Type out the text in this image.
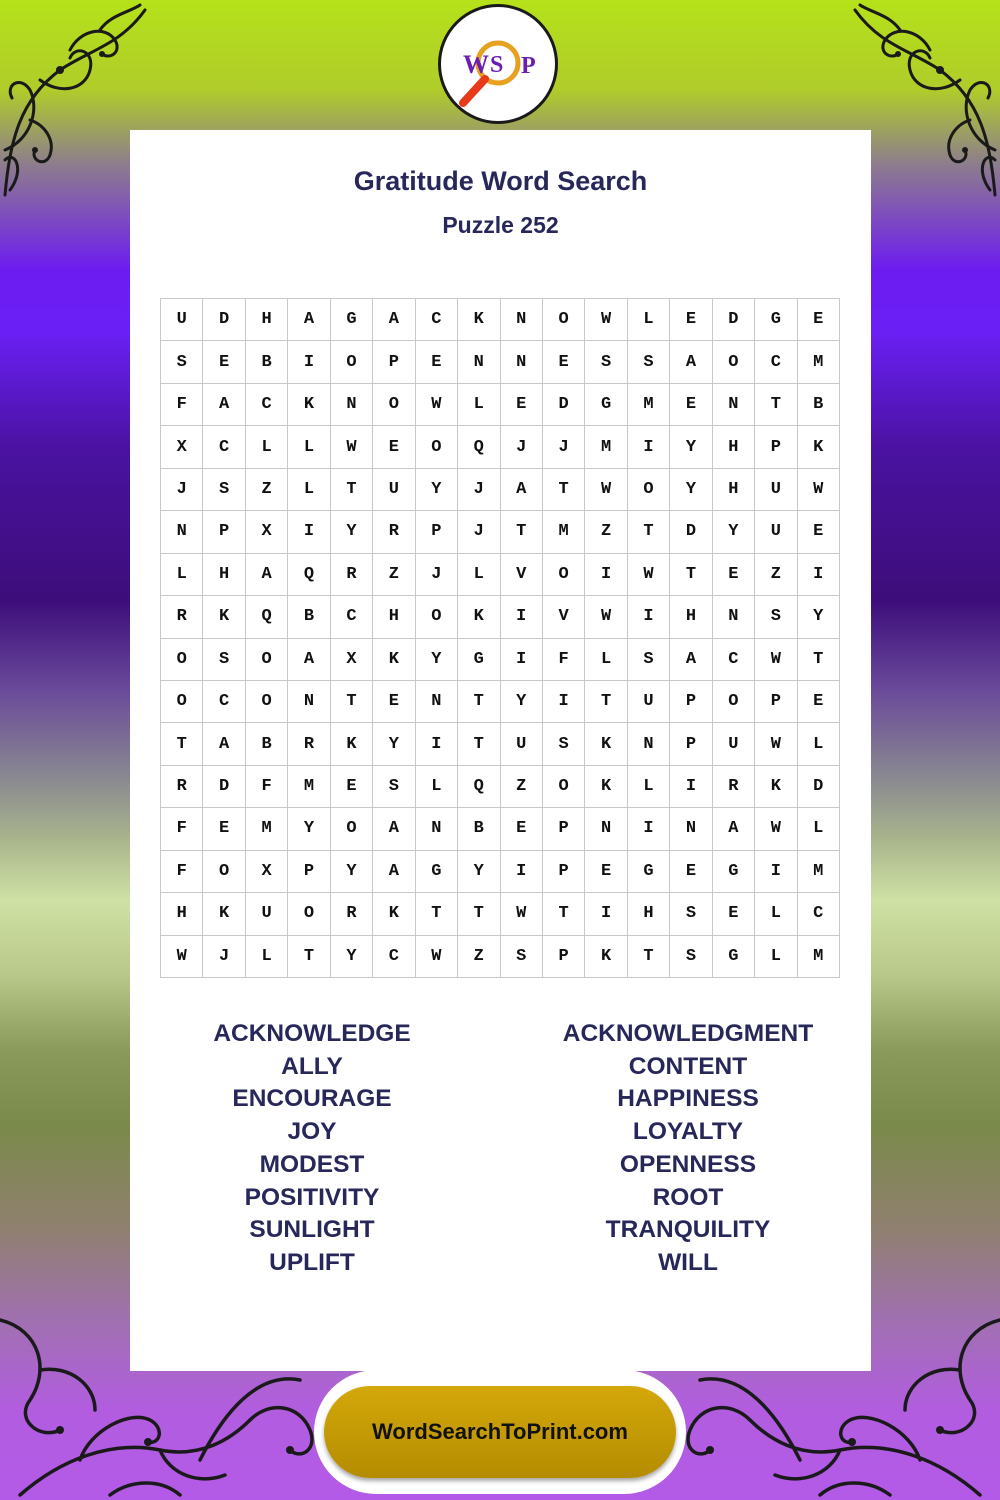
W S P
Gratitude Word Search
Puzzle 252
U	D	H	A	G	A	C	K	N	O	W	L	E	D	G	E
S	E	B	I	O	P	E	N	N	E	S	S	A	O	C	M
F	A	C	K	N	O	W	L	E	D	G	M	E	N	T	B
X	C	L	L	W	E	O	Q	J	J	M	I	Y	H	P	K
J	S	Z	L	T	U	Y	J	A	T	W	O	Y	H	U	W
N	P	X	I	Y	R	P	J	T	M	Z	T	D	Y	U	E
L	H	A	Q	R	Z	J	L	V	O	I	W	T	E	Z	I
R	K	Q	B	C	H	O	K	I	V	W	I	H	N	S	Y
O	S	O	A	X	K	Y	G	I	F	L	S	A	C	W	T
O	C	O	N	T	E	N	T	Y	I	T	U	P	O	P	E
T	A	B	R	K	Y	I	T	U	S	K	N	P	U	W	L
R	D	F	M	E	S	L	Q	Z	O	K	L	I	R	K	D
F	E	M	Y	O	A	N	B	E	P	N	I	N	A	W	L
F	O	X	P	Y	A	G	Y	I	P	E	G	E	G	I	M
H	K	U	O	R	K	T	T	W	T	I	H	S	E	L	C
W	J	L	T	Y	C	W	Z	S	P	K	T	S	G	L	M
ACKNOWLEDGE
ALLY
ENCOURAGE
JOY
MODEST
POSITIVITY
SUNLIGHT
UPLIFT
ACKNOWLEDGMENT
CONTENT
HAPPINESS
LOYALTY
OPENNESS
ROOT
TRANQUILITY
WILL
WordSearchToPrint.com
